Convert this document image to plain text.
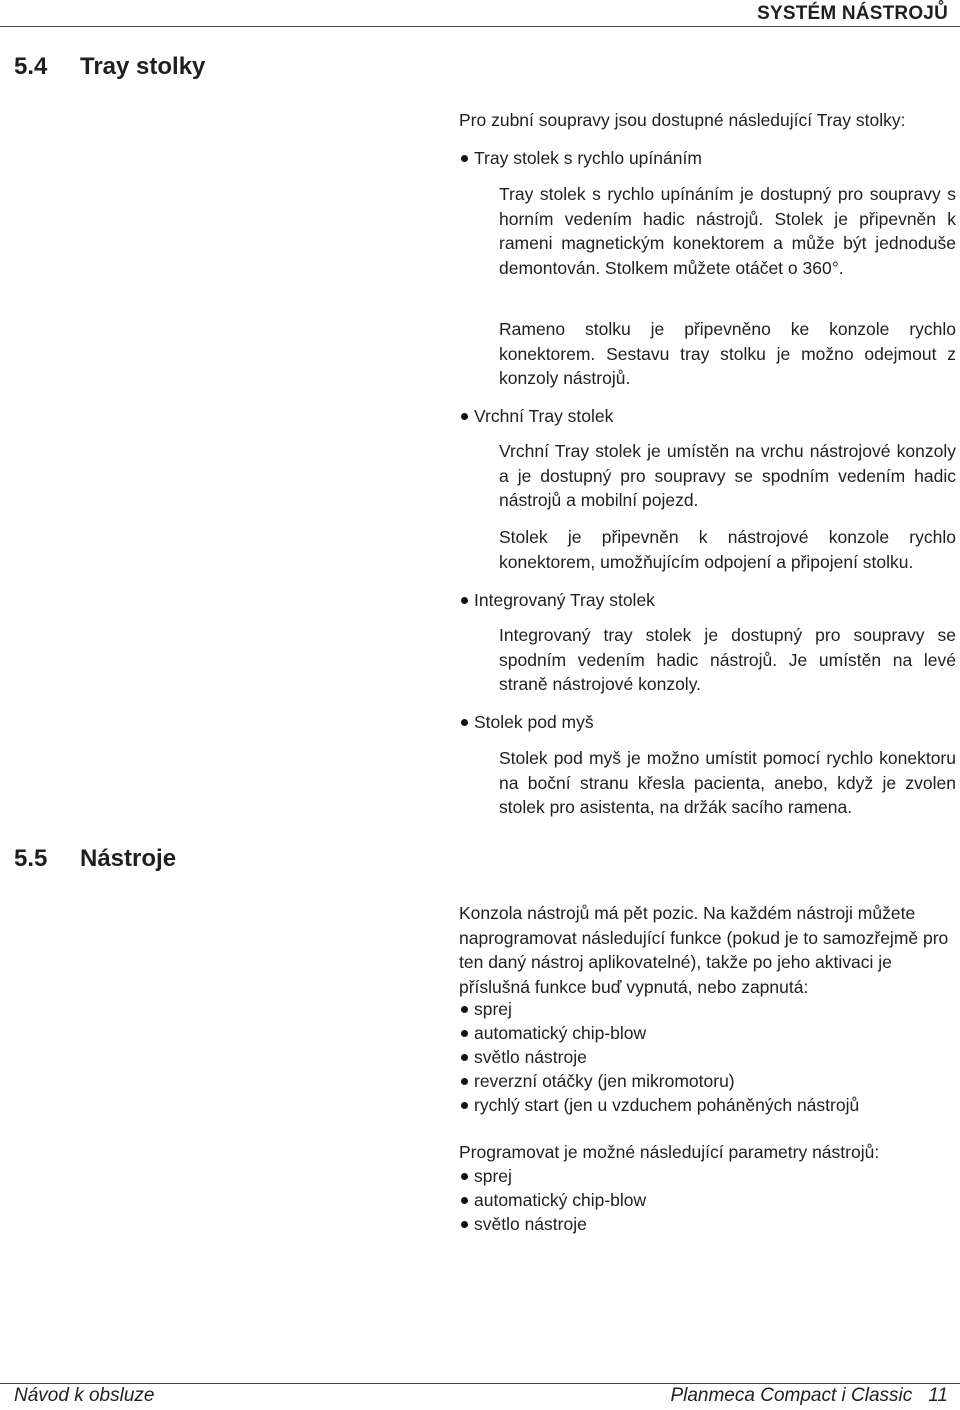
SYSTÉM NÁSTROJŮ
5.4 Tray stolky

Pro zubní soupravy jsou dostupné následující Tray stolky:

Tray stolek s rychlo upínáním

Tray stolek s rychlo upínáním je dostupný pro soupravy s horním vedením hadic nástrojů. Stolek je připevněn k rameni magnetickým konektorem a může být jednoduše demontován. Stolkem můžete otáčet o 360°.

Rameno stolku je připevněno ke konzole rychlo konektorem. Sestavu tray stolku je možno odejmout z konzoly nástrojů.

Vrchní Tray stolek

Vrchní Tray stolek je umístěn na vrchu nástrojové konzoly a je dostupný pro soupravy se spodním vedením hadic nástrojů a mobilní pojezd.

Stolek je připevněn k nástrojové konzole rychlo konektorem, umožňujícím odpojení a připojení stolku.

Integrovaný Tray stolek

Integrovaný tray stolek je dostupný pro soupravy se spodním vedením hadic nástrojů. Je umístěn na levé straně nástrojové konzoly.

Stolek pod myš

Stolek pod myš je možno umístit pomocí rychlo konektoru na boční stranu křesla pacienta, anebo, když je zvolen stolek pro asistenta, na držák sacího ramena.

5.5 Nástroje

Konzola nástrojů má pět pozic. Na každém nástroji můžete naprogramovat následující funkce (pokud je to samozřejmě pro ten daný nástroj aplikovatelné), takže po jeho aktivaci je příslušná funkce buď vypnutá, nebo zapnutá:

sprej
automatický chip-blow
světlo nástroje
reverzní otáčky (jen mikromotoru)
rychlý start (jen u vzduchem poháněných nástrojů

Programovat je možné následující parametry nástrojů:

sprej
automatický chip-blow
světlo nástroje
Návod k obsluze	Planmeca Compact i Classic 11
